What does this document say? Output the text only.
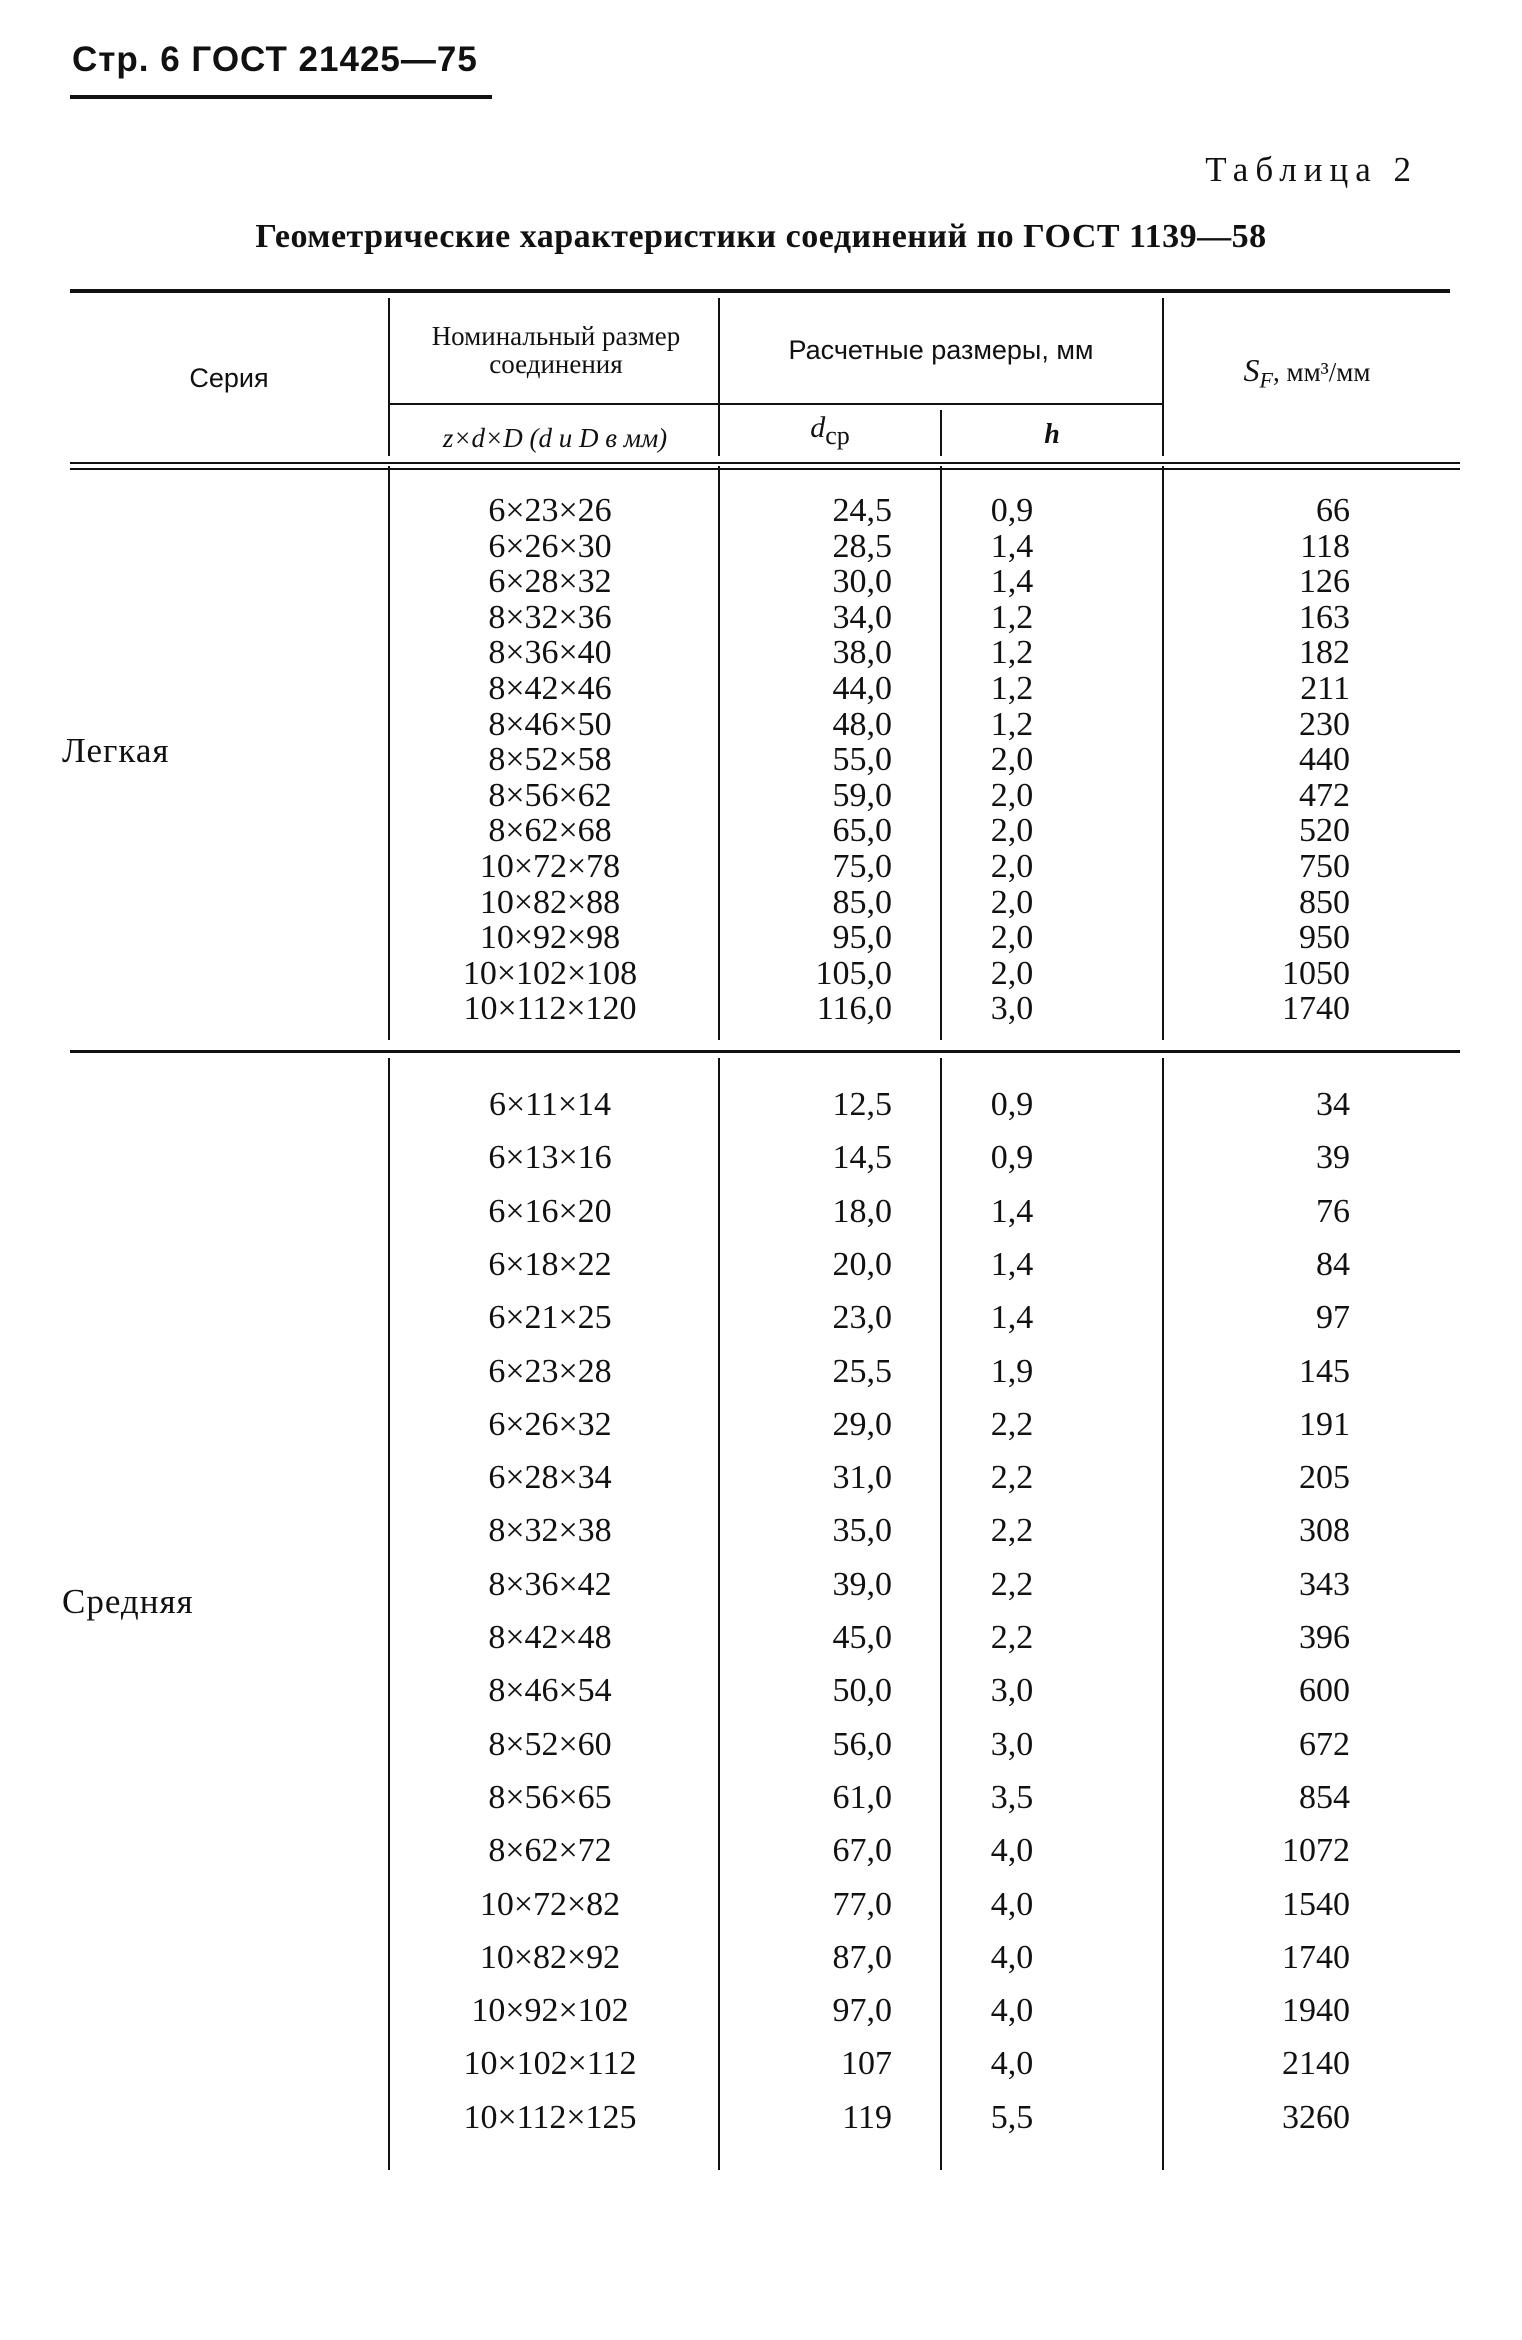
Стр. 6 ГОСТ 21425—75
Таблица 2
Геометрические характеристики соединений по ГОСТ 1139—58
Серия
Номинальный размер соединения
z×d×D (d и D в мм)
Расчетные размеры, мм
$d_{ср}$	h
$S_F$, мм³/мм
Легкая
6×23×26	24,5	0,9	66
6×26×30	28,5	1,4	118
6×28×32	30,0	1,4	126
8×32×36	34,0	1,2	163
8×36×40	38,0	1,2	182
8×42×46	44,0	1,2	211
8×46×50	48,0	1,2	230
8×52×58	55,0	2,0	440
8×56×62	59,0	2,0	472
8×62×68	65,0	2,0	520
10×72×78	75,0	2,0	750
10×82×88	85,0	2,0	850
10×92×98	95,0	2,0	950
10×102×108	105,0	2,0	1050
10×112×120	116,0	3,0	1740
Средняя
6×11×14	12,5	0,9	34
6×13×16	14,5	0,9	39
6×16×20	18,0	1,4	76
6×18×22	20,0	1,4	84
6×21×25	23,0	1,4	97
6×23×28	25,5	1,9	145
6×26×32	29,0	2,2	191
6×28×34	31,0	2,2	205
8×32×38	35,0	2,2	308
8×36×42	39,0	2,2	343
8×42×48	45,0	2,2	396
8×46×54	50,0	3,0	600
8×52×60	56,0	3,0	672
8×56×65	61,0	3,5	854
8×62×72	67,0	4,0	1072
10×72×82	77,0	4,0	1540
10×82×92	87,0	4,0	1740
10×92×102	97,0	4,0	1940
10×102×112	107	4,0	2140
10×112×125	119	5,5	3260
